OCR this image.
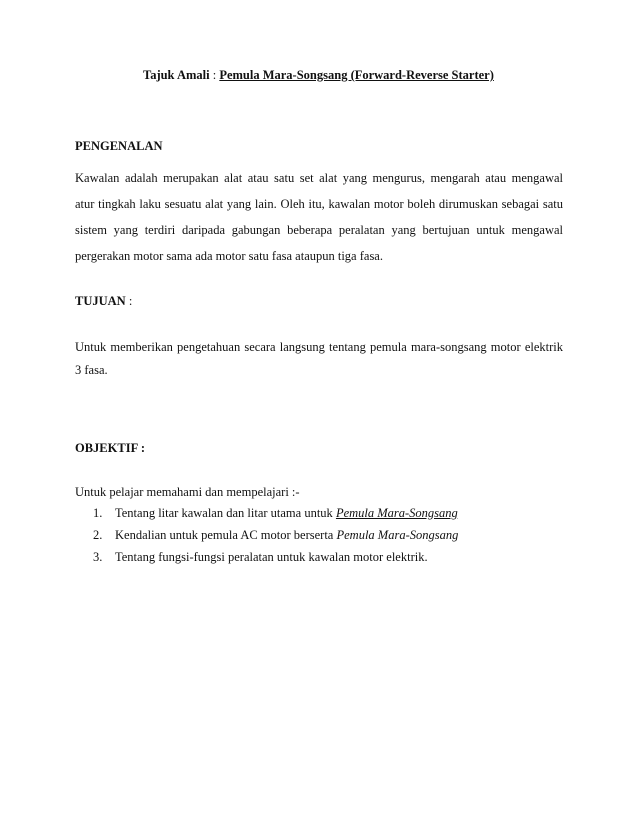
Tajuk Amali : Pemula Mara-Songsang (Forward-Reverse Starter)
PENGENALAN
Kawalan adalah merupakan alat atau satu set alat yang mengurus, mengarah atau mengawal
atur tingkah laku sesuatu alat yang lain. Oleh itu, kawalan motor boleh dirumuskan sebagai satu
sistem yang terdiri daripada gabungan beberapa peralatan yang bertujuan untuk mengawal
pergerakan motor sama ada motor satu fasa ataupun tiga fasa.
TUJUAN :
Untuk memberikan pengetahuan secara langsung tentang pemula mara-songsang motor elektrik
3 fasa.
OBJEKTIF :
Untuk pelajar memahami dan mempelajari :-
1. Tentang litar kawalan dan litar utama untuk Pemula Mara-Songsang
2. Kendalian untuk pemula AC motor berserta Pemula Mara-Songsang
3. Tentang fungsi-fungsi peralatan untuk kawalan motor elektrik.
